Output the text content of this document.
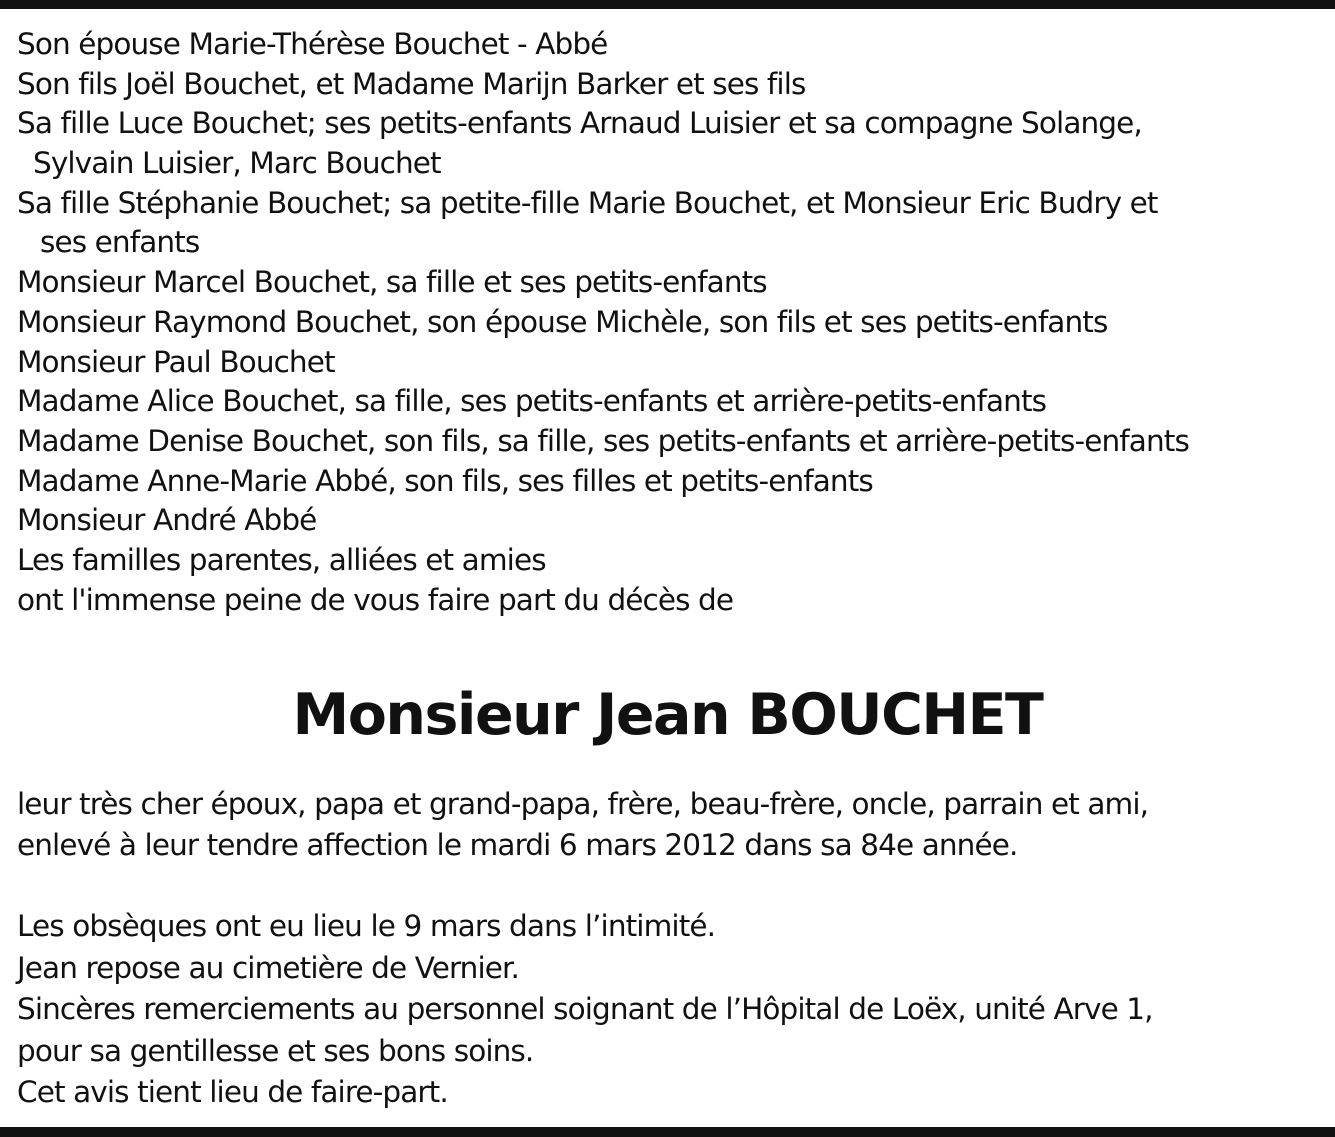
Son épouse Marie-Thérèse Bouchet - Abbé
Son fils Joël Bouchet, et Madame Marijn Barker et ses fils
Sa fille Luce Bouchet; ses petits-enfants Arnaud Luisier et sa compagne Solange,
Sylvain Luisier, Marc Bouchet
Sa fille Stéphanie Bouchet; sa petite-fille Marie Bouchet, et Monsieur Eric Budry et
ses enfants
Monsieur Marcel Bouchet, sa fille et ses petits-enfants
Monsieur Raymond Bouchet, son épouse Michèle, son fils et ses petits-enfants
Monsieur Paul Bouchet
Madame Alice Bouchet, sa fille, ses petits-enfants et arrière-petits-enfants
Madame Denise Bouchet, son fils, sa fille, ses petits-enfants et arrière-petits-enfants
Madame Anne-Marie Abbé, son fils, ses filles et petits-enfants
Monsieur André Abbé
Les familles parentes, alliées et amies
ont l'immense peine de vous faire part du décès de
Monsieur Jean BOUCHET
leur très cher époux, papa et grand-papa, frère, beau-frère, oncle, parrain et ami,
enlevé à leur tendre affection le mardi 6 mars 2012 dans sa 84e année.
Les obsèques ont eu lieu le 9 mars dans l’intimité.
Jean repose au cimetière de Vernier.
Sincères remerciements au personnel soignant de l’Hôpital de Loëx, unité Arve 1,
pour sa gentillesse et ses bons soins.
Cet avis tient lieu de faire-part.
